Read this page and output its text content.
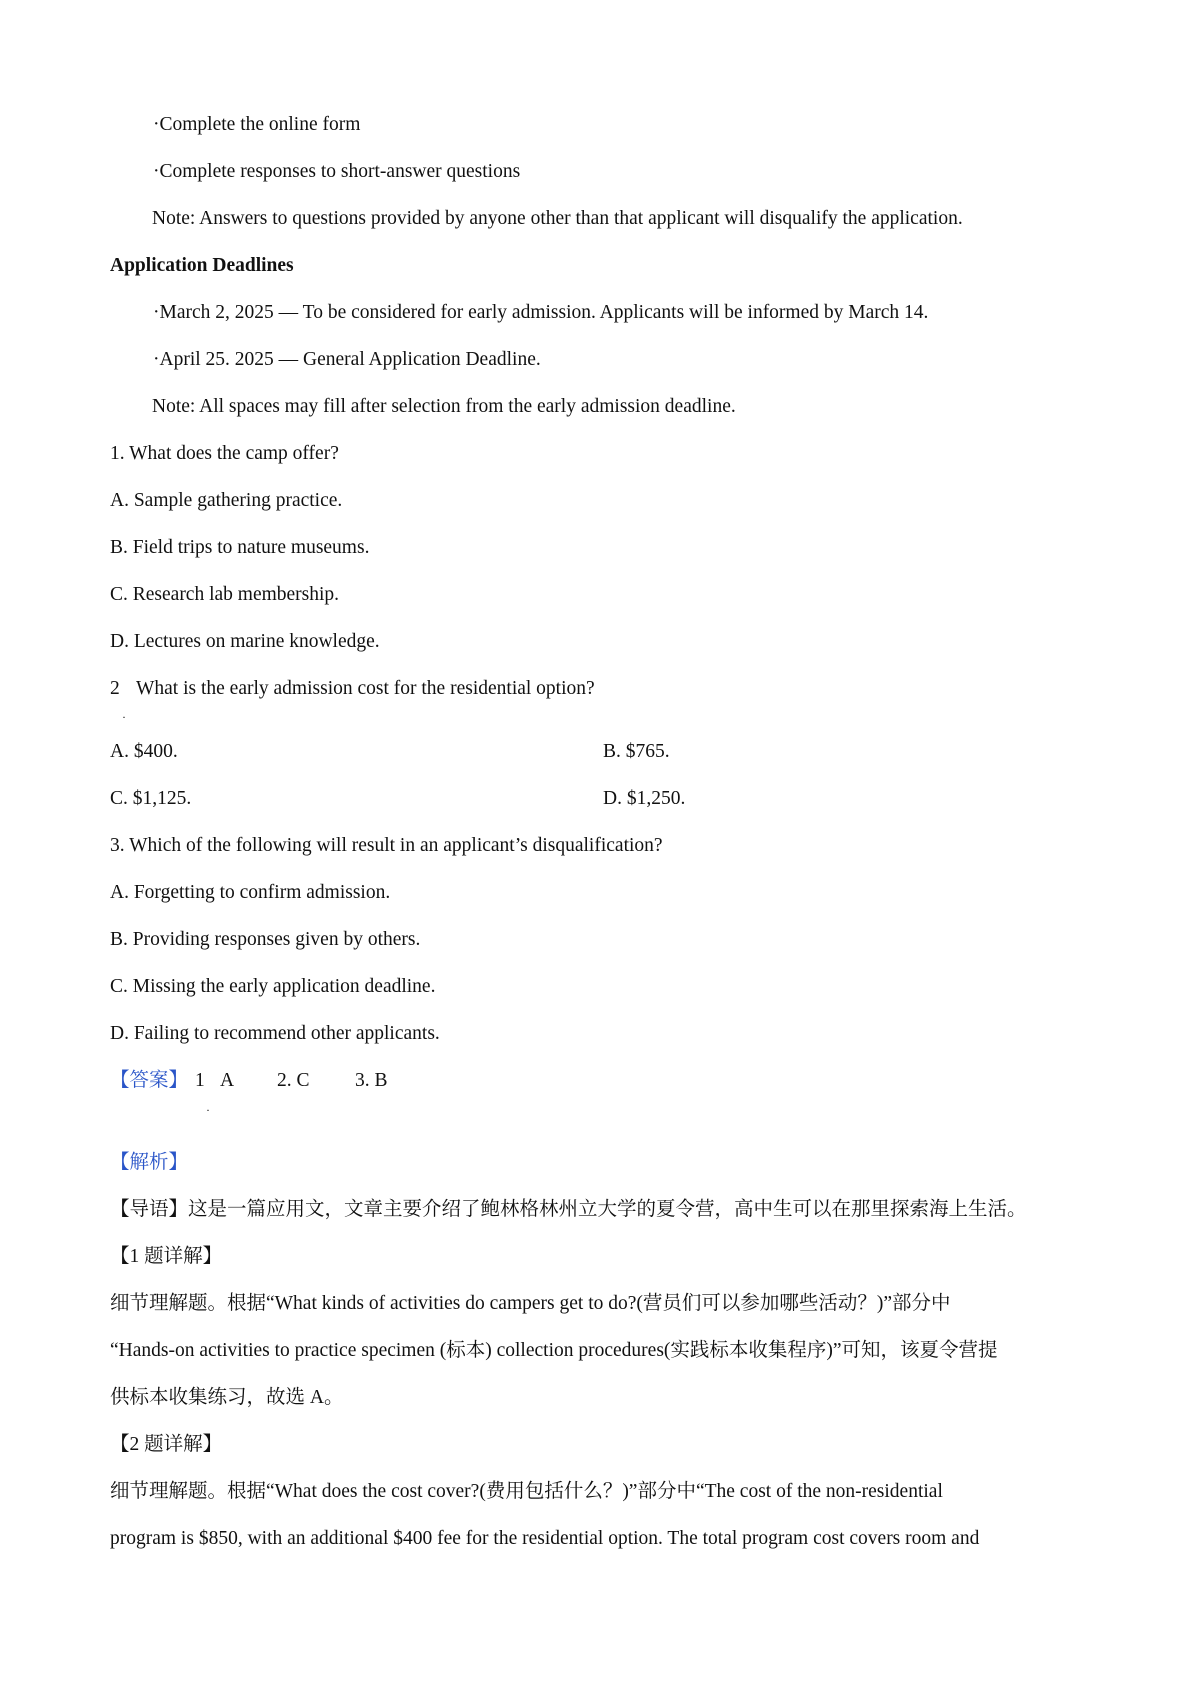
·Complete the online form
·Complete responses to short-answer questions
Note: Answers to questions provided by anyone other than that applicant will disqualify the application.
Application Deadlines
·March 2, 2025 — To be considered for early admission. Applicants will be informed by March 14.
·April 25. 2025 — General Application Deadline.
Note: All spaces may fill after selection from the early admission deadline.
1. What does the camp offer?
A. Sample gathering practice.
B. Field trips to nature museums.
C. Research lab membership.
D. Lectures on marine knowledge.
2
·
What is the early admission cost for the residential option?
A. $400.	B. $765.
C. $1,125.	D. $1,250.
3. Which of the following will result in an applicant’s disqualification?
A. Forgetting to confirm admission.
B. Providing responses given by others.
C. Missing the early application deadline.
D. Failing to recommend other applicants.
【答案】 1
·
A 2. C 3. B
【解析】
【导语】这是一篇应用文，文章主要介绍了鲍林格林州立大学的夏令营，高中生可以在那里探索海上生活。
【1 题详解】
细节理解题。根据“What kinds of activities do campers get to do?(营员们可以参加哪些活动？)”部分中
“Hands-on activities to practice specimen (标本) collection procedures(实践标本收集程序)”可知，该夏令营提
供标本收集练习，故选 A。
【2 题详解】
细节理解题。根据“What does the cost cover?(费用包括什么？)”部分中“The cost of the non-residential
program is $850, with an additional $400 fee for the residential option. The total program cost covers room and
